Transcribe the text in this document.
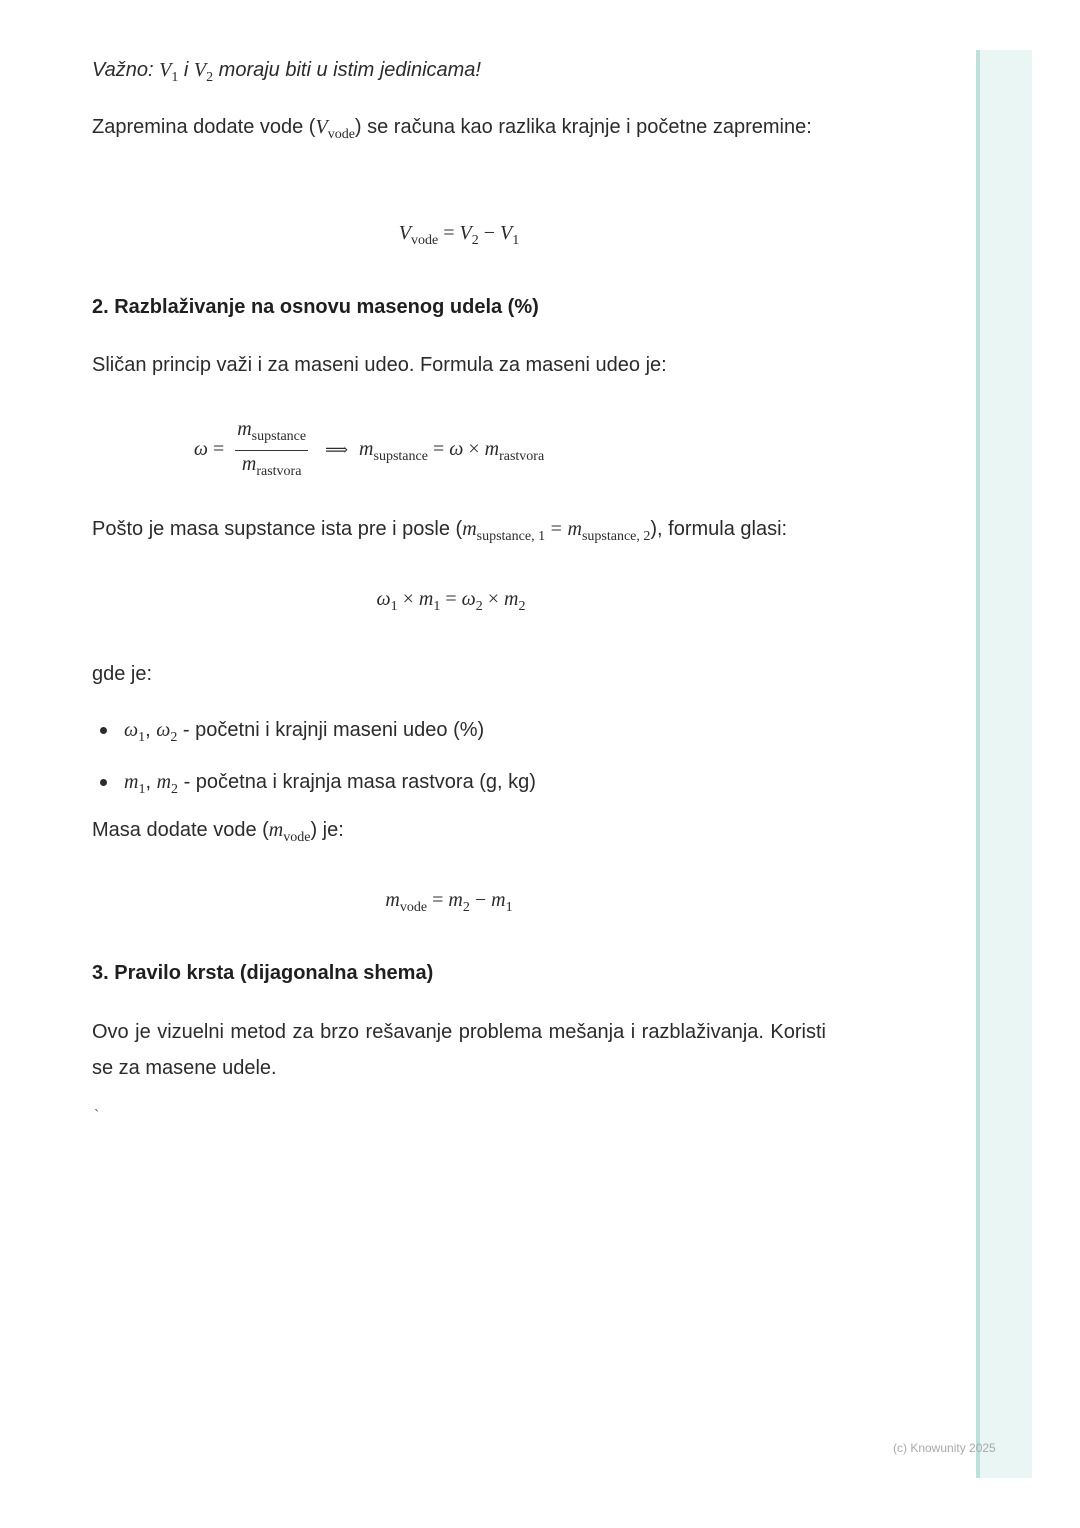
Važno: $V_1$ i $V_2$ moraju biti u istim jedinicama!

Zapremina dodate vode $(V_{vode})$ se računa kao razlika krajnje i početne zapremine:

$V_{vode} = V_2 - V_1$
2. Razblaživanje na osnovu masenog udela (%)

Sličan princip važi i za maseni udeo. Formula za maseni udeo je:

$\omega = \frac{m_{supstance}}{m_{rastvora}}$ ⟹ $m_{supstance} = \omega \times m_{rastvora}$

Pošto je masa supstance ista pre i posle $(m_{supstance, 1} = m_{supstance, 2})$, formula glasi:

$\omega_1 \times m_1 = \omega_2 \times m_2$

gde je:

$\omega_1$, $\omega_2$ - početni i krajnji maseni udeo (%)
$m_1$, $m_2$ - početna i krajnja masa rastvora (g, kg)

Masa dodate vode $(m_{vode})$ je:

$m_{vode} = m_2 - m_1$
3. Pravilo krsta (dijagonalna shema)

Ovo je vizuelni metod za brzo rešavanje problema mešanja i razblaživanja. Koristi se za masene udele.

`
(c) Knowunity 2025
